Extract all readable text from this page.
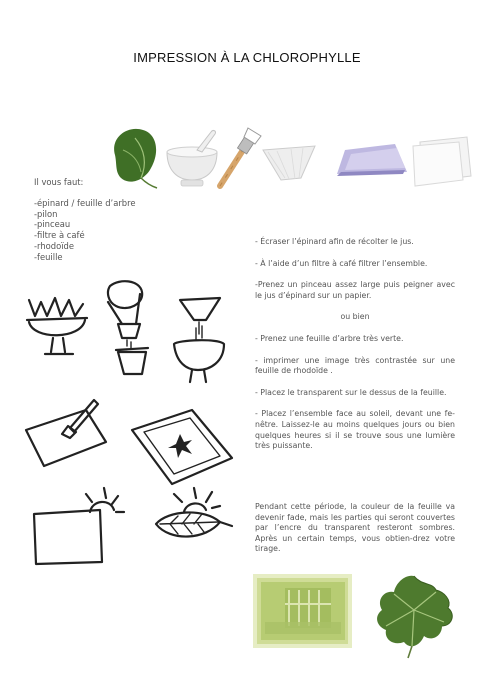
IMPRESSION À LA CHLOROPHYLLE
Il vous faut:
-épinard / feuille d’arbre
-pilon
-pinceau
-filtre à café
-rhodoïde
-feuille

- Écraser l’épinard afin de récolter le jus.

- À l’aide d’un filtre à café filtrer l’ensemble.

-Prenez un pinceau assez large puis peigner avec le jus d’épinard sur un papier.

ou bien

- Prenez une feuille d’arbre très verte.

- imprimer une image très contrastée sur une feuille de rhodoïde .

- Placez le transparent sur le dessus de la feuille.

- Placez l’ensemble face au soleil, devant une fe-nêtre. Laissez-le au moins quelques jours ou bien quelques heures si il se trouve sous une lumière très puissante.

Pendant cette période, la couleur de la feuille va devenir fade, mais les parties qui seront couvertes par l’encre du transparent resteront sombres. Après un certain temps, vous obtien-drez votre tirage.
